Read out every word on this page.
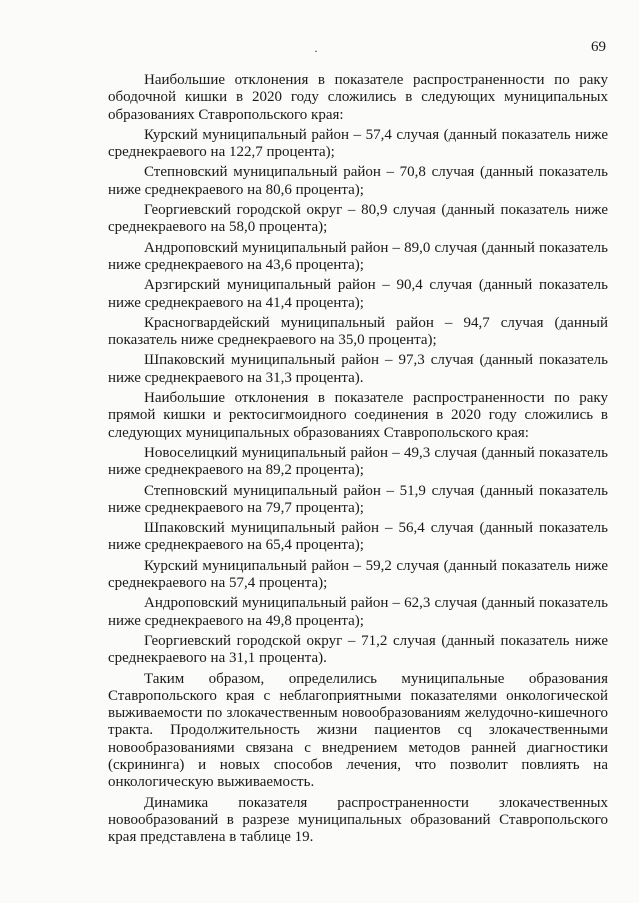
69
·

Наибольшие отклонения в показателе распространенности по раку ободочной кишки в 2020 году сложились в следующих муниципальных образованиях Ставропольского края:

Курский муниципальный район – 57,4 случая (данный показатель ниже среднекраевого на 122,7 процента);

Степновский муниципальный район – 70,8 случая (данный показатель ниже среднекраевого на 80,6 процента);

Георгиевский городской округ – 80,9 случая (данный показатель ниже среднекраевого на 58,0 процента);

Андроповский муниципальный район – 89,0 случая (данный показатель ниже среднекраевого на 43,6 процента);

Арзгирский муниципальный район – 90,4 случая (данный показатель ниже среднекраевого на 41,4 процента);

Красногвардейский муниципальный район – 94,7 случая (данный показатель ниже среднекраевого на 35,0 процента);

Шпаковский муниципальный район – 97,3 случая (данный показатель ниже среднекраевого на 31,3 процента).

Наибольшие отклонения в показателе распространенности по раку прямой кишки и ректосигмоидного соединения в 2020 году сложились в следующих муниципальных образованиях Ставропольского края:

Новоселицкий муниципальный район – 49,3 случая (данный показатель ниже среднекраевого на 89,2 процента);

Степновский муниципальный район – 51,9 случая (данный показатель ниже среднекраевого на 79,7 процента);

Шпаковский муниципальный район – 56,4 случая (данный показатель ниже среднекраевого на 65,4 процента);

Курский муниципальный район – 59,2 случая (данный показатель ниже среднекраевого на 57,4 процента);

Андроповский муниципальный район – 62,3 случая (данный показатель ниже среднекраевого на 49,8 процента);

Георгиевский городской округ – 71,2 случая (данный показатель ниже среднекраевого на 31,1 процента).

Таким образом, определились муниципальные образования Ставропольского края с неблагоприятными показателями онкологической выживаемости по злокачественным новообразованиям желудочно-кишечного тракта. Продолжительность жизни пациентов сq злокачественными новообразованиями связана с внедрением методов ранней диагностики (скрининга) и новых способов лечения, что позволит повлиять на онкологическую выживаемость.

Динамика показателя распространенности злокачественных новообразований в разрезе муниципальных образований Ставропольского края представлена в таблице 19.
